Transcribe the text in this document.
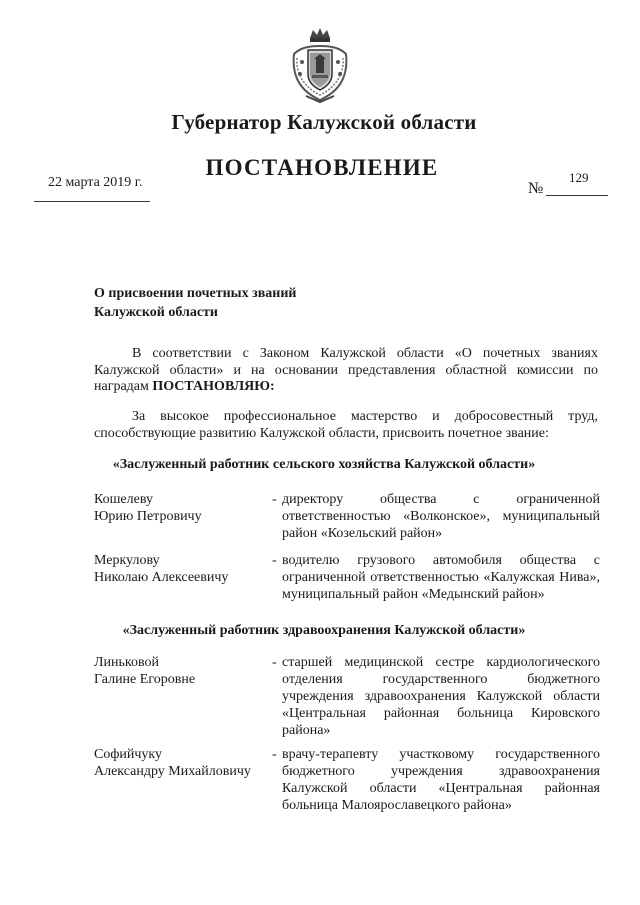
Губернатор Калужской области
ПОСТАНОВЛЕНИЕ
22 марта 2019 г.	129
№
О присвоении почетных званий
Калужской области
В соответствии с Законом Калужской области «О почетных званиях Калужской области» и на основании представления областной комиссии по наградам ПОСТАНОВЛЯЮ:
За высокое профессиональное мастерство и добросовестный труд, способствующие развитию Калужской области, присвоить почетное звание:
«Заслуженный работник сельского хозяйства Калужской области»
Кошелеву
Юрию Петровичу
- директору общества с ограниченной ответственностью «Волконское», муниципальный район «Козельский район»
Меркулову
Николаю Алексеевичу
- водителю грузового автомобиля общества с ограниченной ответственностью «Калужская Нива», муниципальный район «Медынский район»
«Заслуженный работник здравоохранения Калужской области»
Линьковой
Галине Егоровне
- старшей медицинской сестре кардиологического отделения государственного бюджетного учреждения здравоохранения Калужской области «Центральная районная больница Кировского района»
Софийчуку
Александру Михайловичу
- врачу-терапевту участковому государственного бюджетного учреждения здравоохранения Калужской области «Центральная районная больница Малоярославецкого района»
